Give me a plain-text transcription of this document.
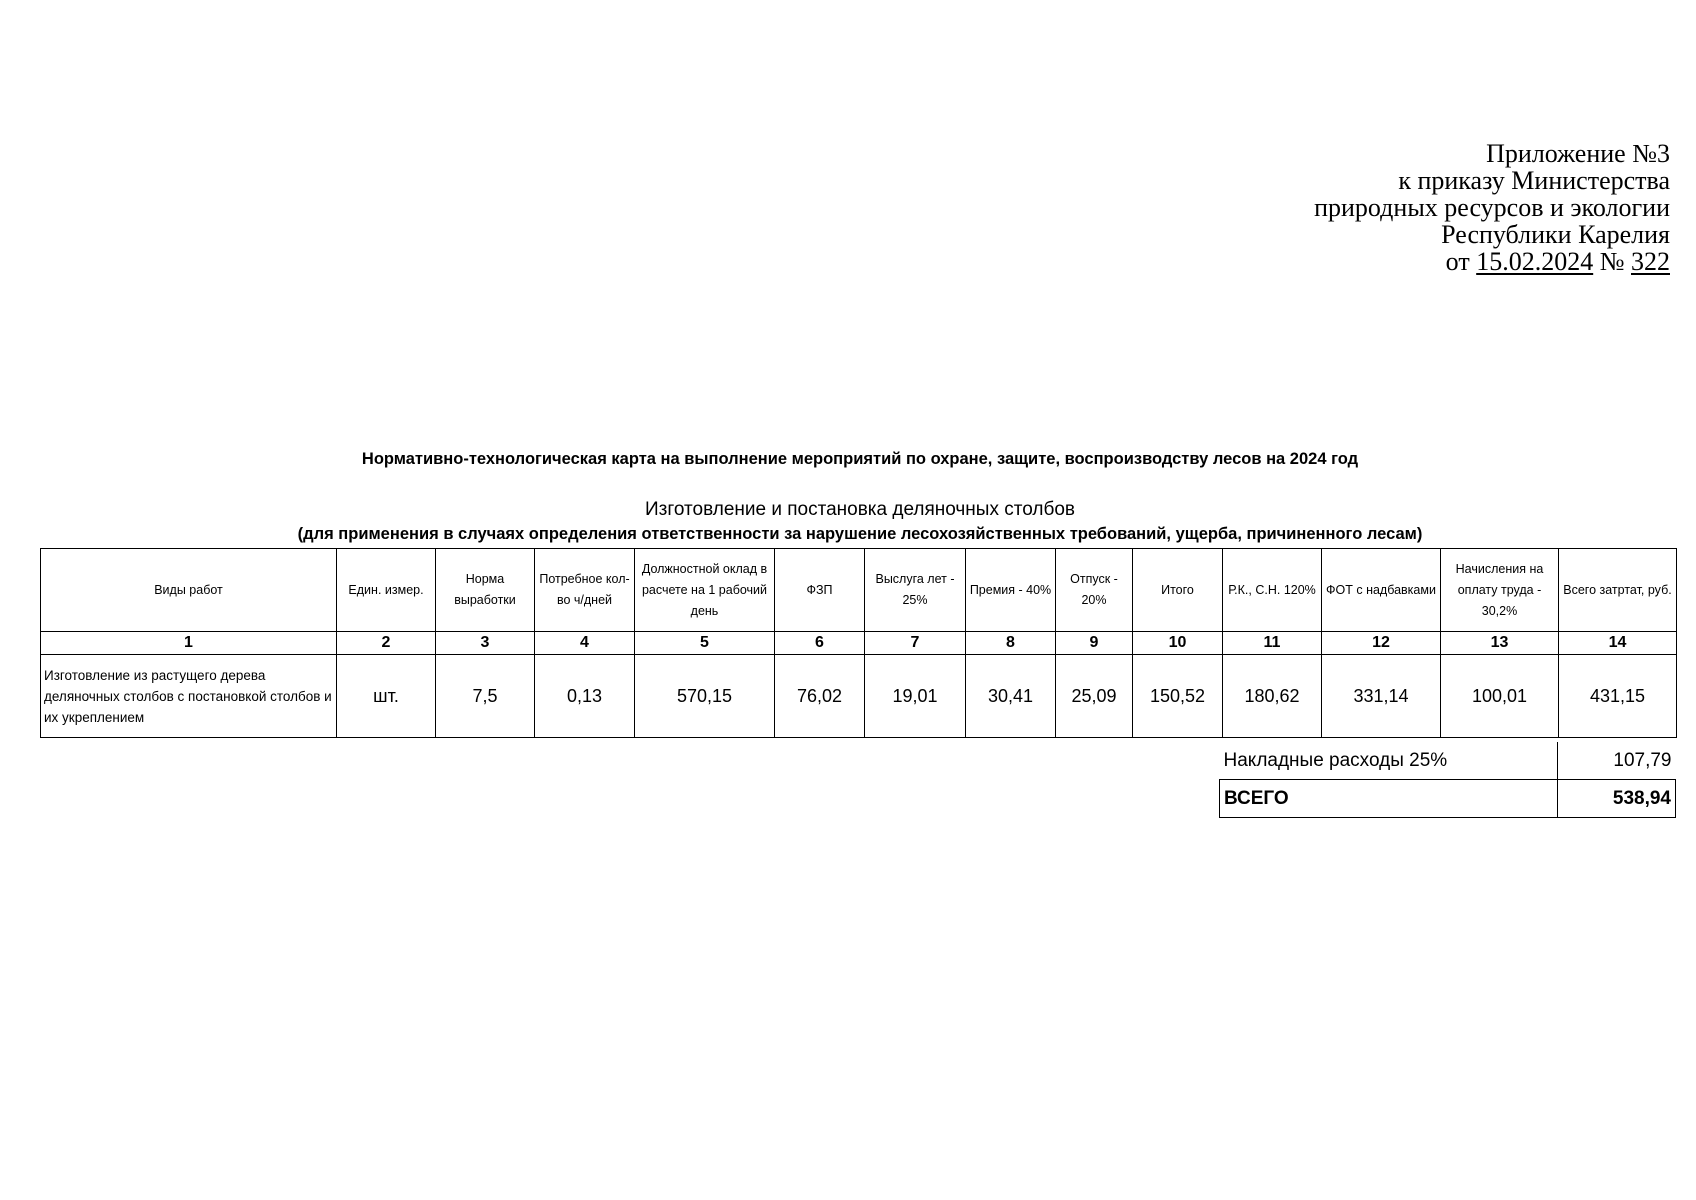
Приложение №3
к приказу Министерства
природных ресурсов и экологии
Республики Карелия
от 15.02.2024 № 322
Нормативно-технологическая карта на выполнение мероприятий по охране, защите, воспроизводству лесов на 2024 год
Изготовление и постановка деляночных столбов
(для применения в случаях определения ответственности за нарушение лесохозяйственных требований, ущерба, причиненного лесам)
Виды работ	Един. измер.	Норма выработки	Потребное кол-во ч/дней	Должностной оклад в расчете на 1 рабочий день	ФЗП	Выслуга лет - 25%	Премия - 40%	Отпуск - 20%	Итого	Р.К., С.Н. 120%	ФОТ с надбавками	Начисления на оплату труда - 30,2%	Всего затртат, руб.
1	2	3	4	5	6	7	8	9	10	11	12	13	14
Изготовление из растущего дерева деляночных столбов с постановкой столбов и их укреплением	шт.	7,5	0,13	570,15	76,02	19,01	30,41	25,09	150,52	180,62	331,14	100,01	431,15
Накладные расходы 25%	107,79
ВСЕГО	538,94
